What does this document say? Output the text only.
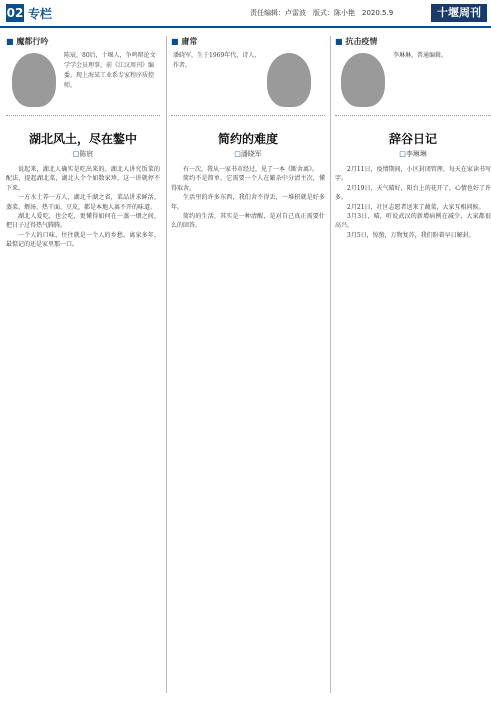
02 专栏	责任编辑：卢雷波　版式：陈小艳　2020.5.9	十堰周刊
■ 魔都行吟
陈宸，80后，十堰人，争鸣辩论文学学会员理事，前《江汉周刊》编委。现上海某工业系专家程序质控师。
湖北风土，尽在鏊中
□陈宸

说起来，湖北人确实是吃出来的。湖北人讲究饭菜的配法，提起湖北菜，湖北人个个如数家珍，这一讲就停不下来。

一方水土养一方人，湖北千湖之省，菜品讲求鲜活，蒸菜、煨汤、热干面、豆皮，都是本地人离不开的味道。

湖北人爱吃，也会吃，更懂得如何在一蒸一煨之间，把日子过得热气腾腾。

一个人的口味，往往就是一个人的乡愁。离家多年，最惦记的还是家里那一口。

■ 庸常
潘晓军，生于1969年代，诗人，作者。
简约的难度
□潘晓军

有一次，我从一家书市经过，见了一本《断舍离》。

简约不是简单，它需要一个人在繁杂中分清主次，懂得取舍。

生活里的许多东西，我们舍不得丢，一堆积就是好多年。

简约的生活，其实是一种清醒，是对自己真正需要什么的回答。

■ 抗击疫情
李琳琳，普通编辑。
辞谷日记
□李琳琳

2月11日，疫情期间，小区封闭管理，每天在家读书写字。

2月19日，天气晴好，阳台上的花开了，心情也好了许多。

2月21日，社区志愿者送来了蔬菜，大家互相问候。

3月3日，晴，听说武汉的新增病例在减少，大家都很高兴。

3月5日，惊蛰，万物复苏，我们盼着早日解封。
